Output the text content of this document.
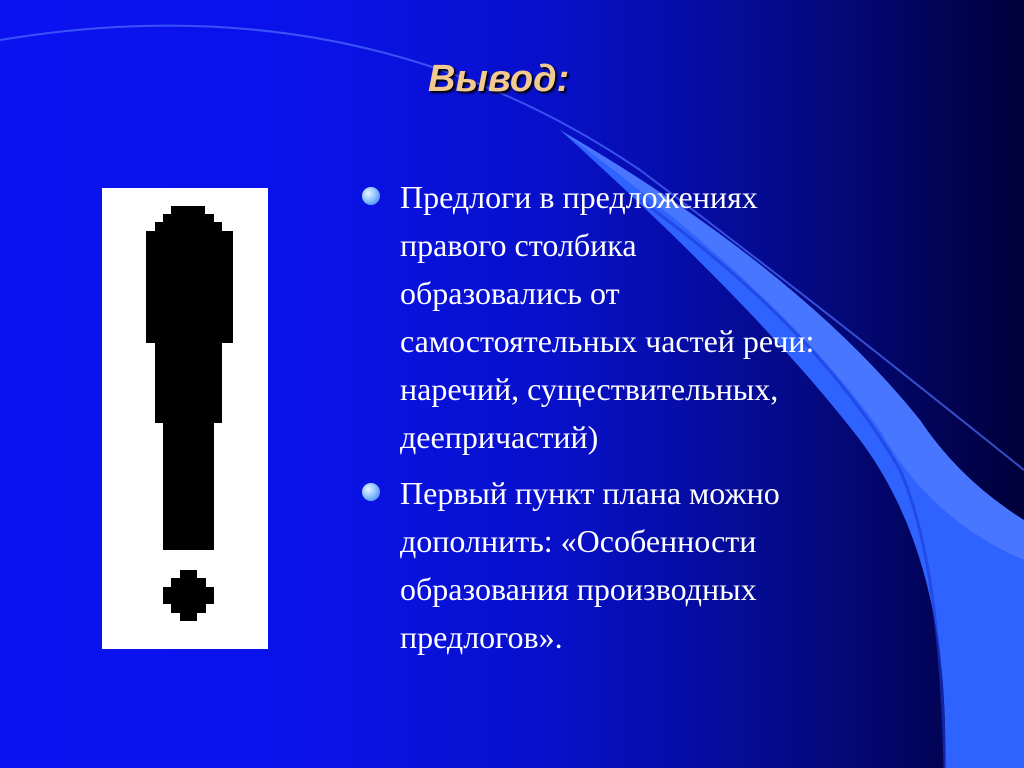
Вывод:
Предлоги в предложениях
правого столбика
образовались от
самостоятельных частей речи:
наречий, существительных,
деепричастий)
Первый пункт плана можно
дополнить: «Особенности
образования производных
предлогов».
